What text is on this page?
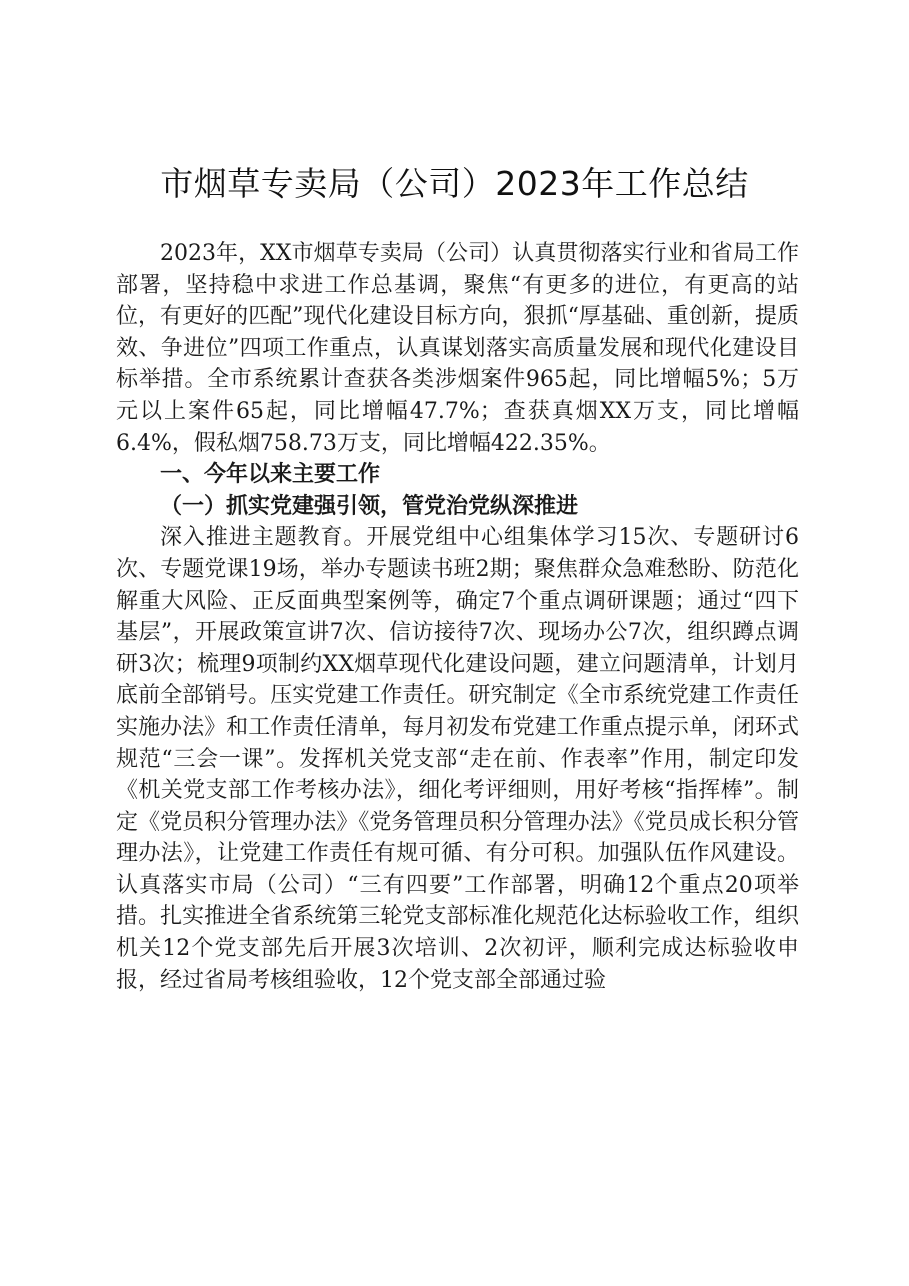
市烟草专卖局（公司）2023年工作总结

2023年，XX市烟草专卖局（公司）认真贯彻落实行业和省局工作部署，坚持稳中求进工作总基调，聚焦“有更多的进位，有更高的站位，有更好的匹配”现代化建设目标方向，狠抓“厚基础、重创新，提质效、争进位”四项工作重点，认真谋划落实高质量发展和现代化建设目标举措。全市系统累计查获各类涉烟案件965起，同比增幅5%；5万元以上案件65起，同比增幅47.7%；查获真烟XX万支，同比增幅6.4%，假私烟758.73万支，同比增幅422.35%。

一、今年以来主要工作

（一）抓实党建强引领，管党治党纵深推进

深入推进主题教育。开展党组中心组集体学习15次、专题研讨6次、专题党课19场，举办专题读书班2期；聚焦群众急难愁盼、防范化解重大风险、正反面典型案例等，确定7个重点调研课题；通过“四下基层”，开展政策宣讲7次、信访接待7次、现场办公7次，组织蹲点调研3次；梳理9项制约XX烟草现代化建设问题，建立问题清单，计划月底前全部销号。压实党建工作责任。研究制定《全市系统党建工作责任实施办法》和工作责任清单，每月初发布党建工作重点提示单，闭环式规范“三会一课”。发挥机关党支部“走在前、作表率”作用，制定印发《机关党支部工作考核办法》，细化考评细则，用好考核“指挥棒”。制定《党员积分管理办法》《党务管理员积分管理办法》《党员成长积分管理办法》，让党建工作责任有规可循、有分可积。加强队伍作风建设。认真落实市局（公司）“三有四要”工作部署，明确12个重点20项举措。扎实推进全省系统第三轮党支部标准化规范化达标验收工作，组织机关12个党支部先后开展3次培训、2次初评，顺利完成达标验收申报，经过省局考核组验收，12个党支部全部通过验
